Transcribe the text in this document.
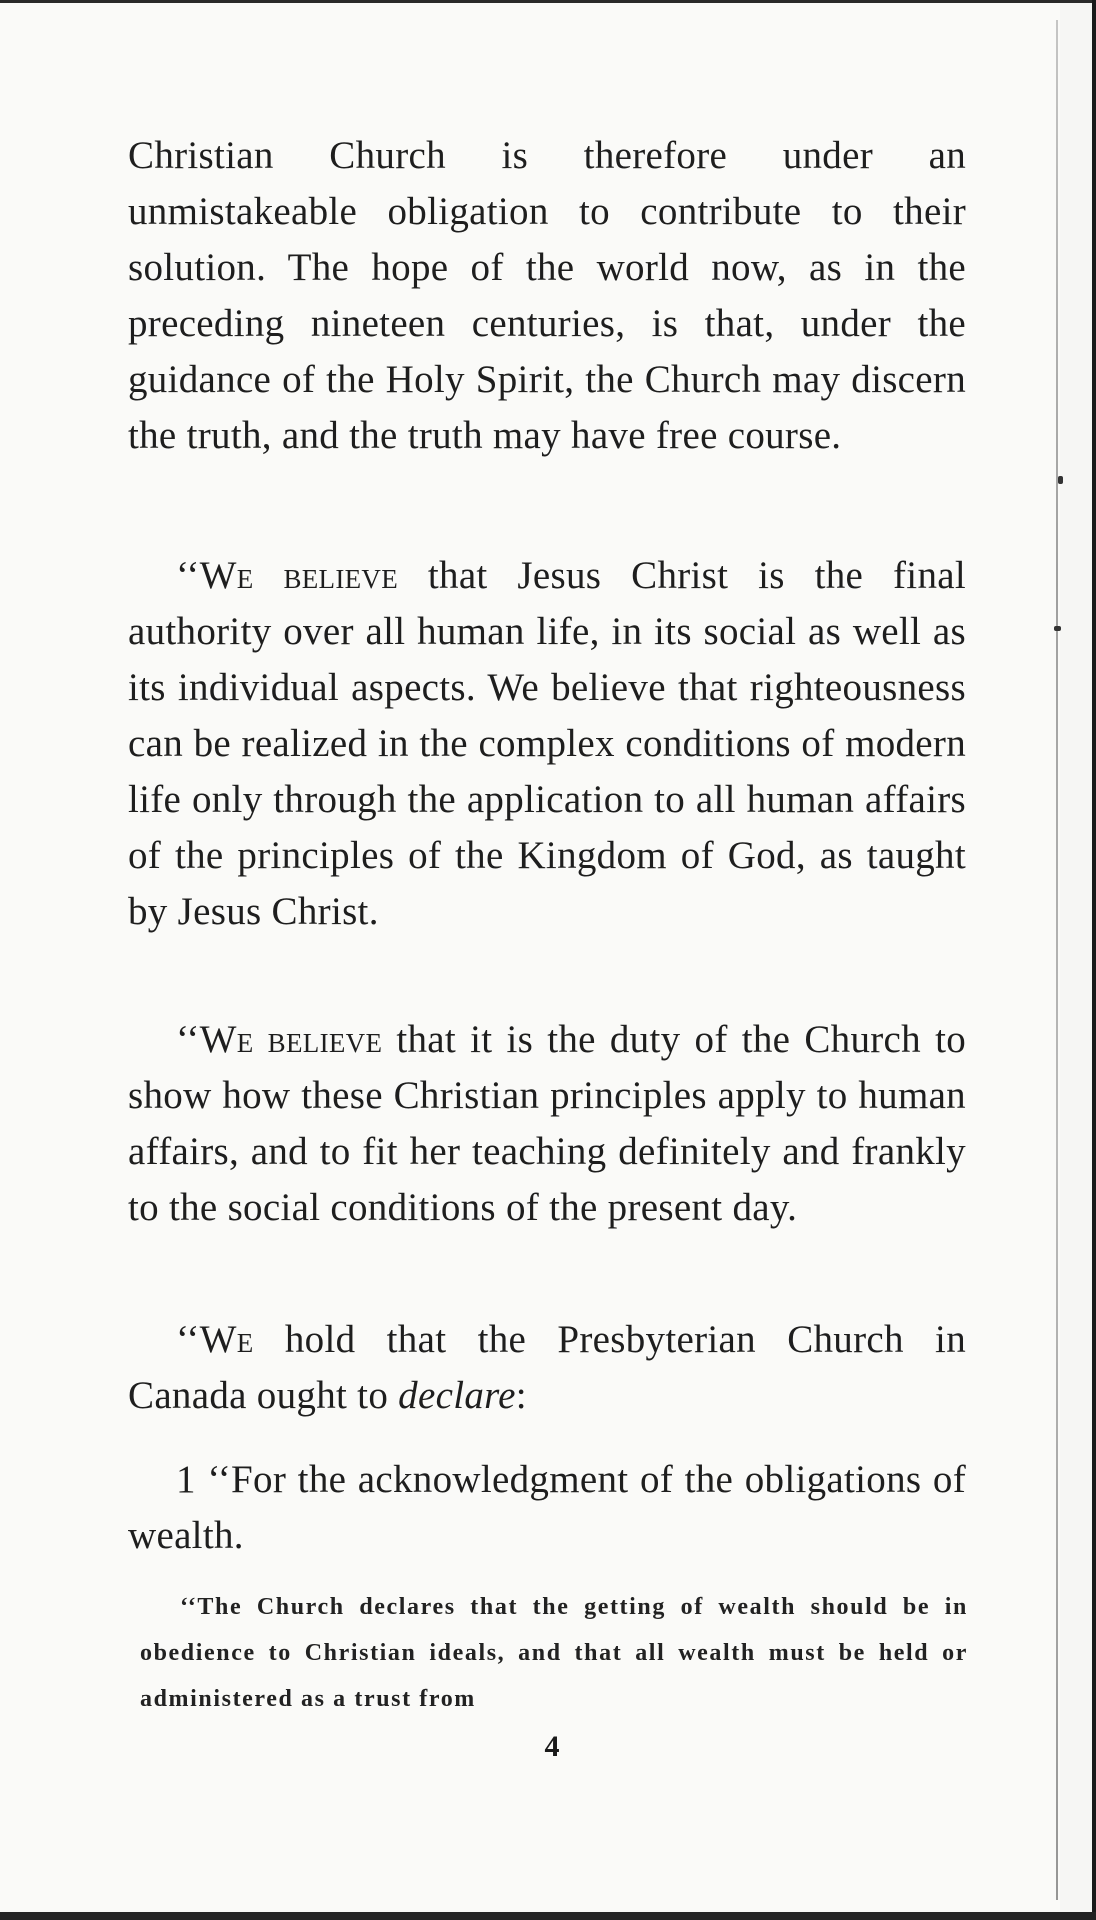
Christian Church is therefore under an unmistakeable obligation to contribute to their solution. The hope of the world now, as in the preceding nineteen centuries, is that, under the guidance of the Holy Spirit, the Church may discern the truth, and the truth may have free course.
‘‘We believe that Jesus Christ is the final authority over all human life, in its social as well as its individual aspects. We believe that righteousness can be realized in the complex conditions of modern life only through the application to all human affairs of the principles of the Kingdom of God, as taught by Jesus Christ.
‘‘We believe that it is the duty of the Church to show how these Christian principles apply to human affairs, and to fit her teaching definitely and frankly to the social conditions of the present day.
‘‘We hold that the Presbyterian Church in Canada ought to declare:
1 ‘‘For the acknowledgment of the obligations of wealth.
‘‘The Church declares that the getting of wealth should be in obedience to Christian ideals, and that all wealth must be held or administered as a trust from
4
